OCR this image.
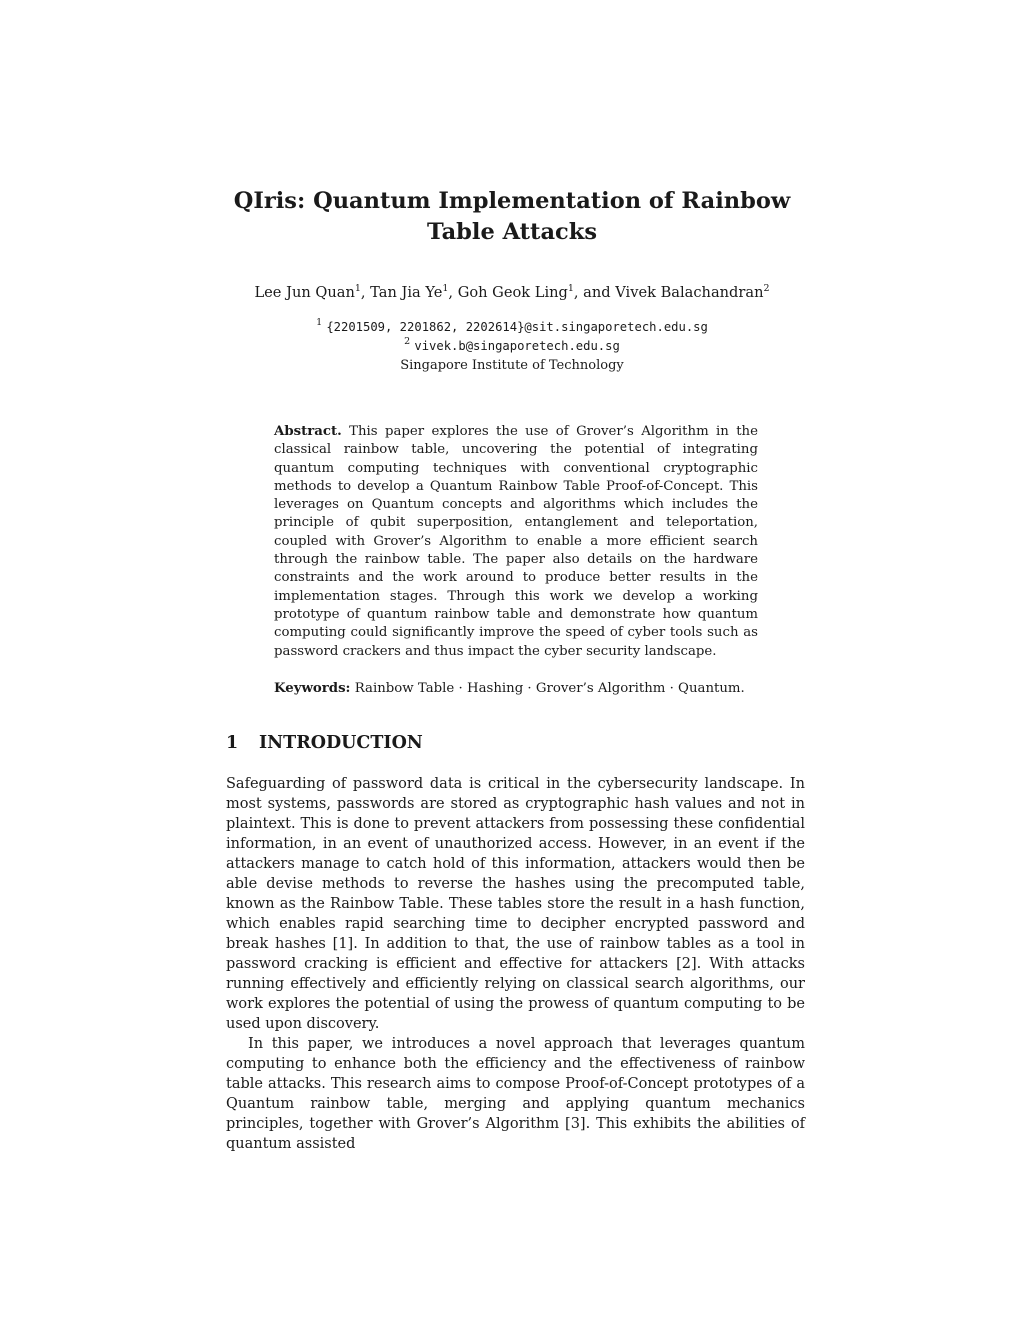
QIris: Quantum Implementation of Rainbow Table Attacks
Lee Jun Quan$^1$, Tan Jia Ye$^1$, Goh Geok Ling$^1$, and Vivek Balachandran$^2$
$^1$ {2201509, 2201862, 2202614}@sit.singaporetech.edu.sg
$^2$ vivek.b@singaporetech.edu.sg
Singapore Institute of Technology

Abstract. This paper explores the use of Grover’s Algorithm in the classical rainbow table, uncovering the potential of integrating quantum computing techniques with conventional cryptographic methods to develop a Quantum Rainbow Table Proof-of-Concept. This leverages on Quantum concepts and algorithms which includes the principle of qubit superposition, entanglement and teleportation, coupled with Grover’s Algorithm to enable a more efficient search through the rainbow table. The paper also details on the hardware constraints and the work around to produce better results in the implementation stages. Through this work we develop a working prototype of quantum rainbow table and demonstrate how quantum computing could significantly improve the speed of cyber tools such as password crackers and thus impact the cyber security landscape.

Keywords: Rainbow Table · Hashing · Grover’s Algorithm · Quantum.

1 INTRODUCTION

Safeguarding of password data is critical in the cybersecurity landscape. In most systems, passwords are stored as cryptographic hash values and not in plaintext. This is done to prevent attackers from possessing these confidential information, in an event of unauthorized access. However, in an event if the attackers manage to catch hold of this information, attackers would then be able devise methods to reverse the hashes using the precomputed table, known as the Rainbow Table. These tables store the result in a hash function, which enables rapid searching time to decipher encrypted password and break hashes [1]. In addition to that, the use of rainbow tables as a tool in password cracking is efficient and effective for attackers [2]. With attacks running effectively and efficiently relying on classical search algorithms, our work explores the potential of using the prowess of quantum computing to be used upon discovery.

In this paper, we introduces a novel approach that leverages quantum computing to enhance both the efficiency and the effectiveness of rainbow table attacks. This research aims to compose Proof-of-Concept prototypes of a Quantum rainbow table, merging and applying quantum mechanics principles, together with Grover’s Algorithm [3]. This exhibits the abilities of quantum assisted
